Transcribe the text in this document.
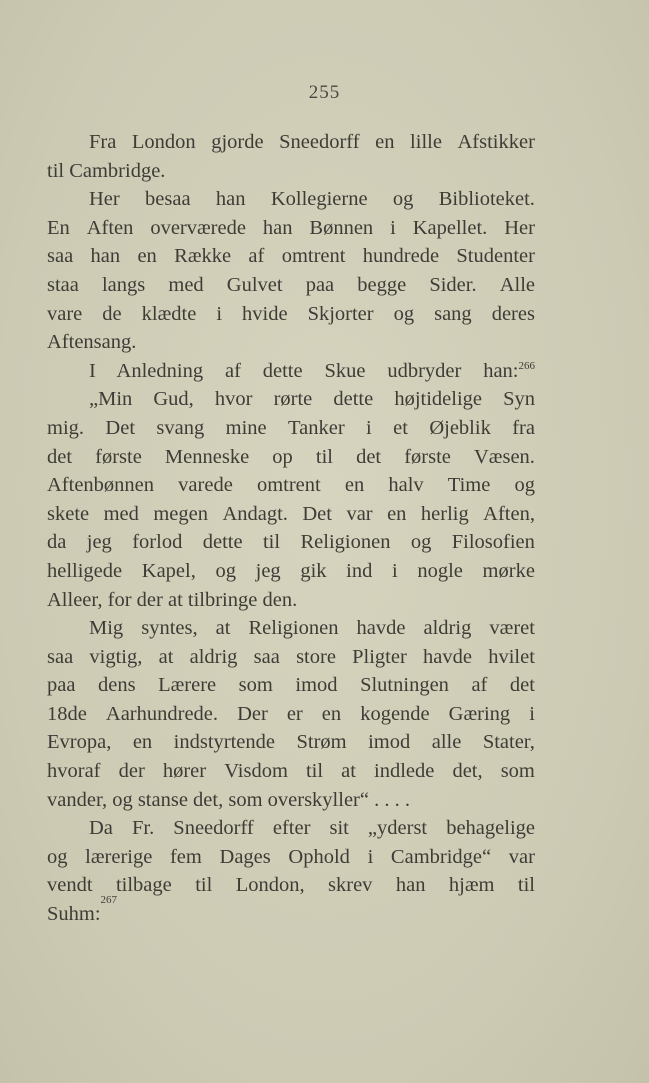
255
Fra London gjorde Sneedorff en lille Afstikker
til Cambridge.
Her besaa han Kollegierne og Biblioteket.
En Aften overværede han Bønnen i Kapellet. Her
saa han en Række af omtrent hundrede Studenter
staa langs med Gulvet paa begge Sider. Alle
vare de klædte i hvide Skjorter og sang deres
Aftensang.
I Anledning af dette Skue udbryder han:$^{266}$
„Min Gud, hvor rørte dette højtidelige Syn
mig. Det svang mine Tanker i et Øjeblik fra
det første Menneske op til det første Væsen.
Aftenbønnen varede omtrent en halv Time og
skete med megen Andagt. Det var en herlig Aften,
da jeg forlod dette til Religionen og Filosofien
helligede Kapel, og jeg gik ind i nogle mørke
Alleer, for der at tilbringe den.
Mig syntes, at Religionen havde aldrig været
saa vigtig, at aldrig saa store Pligter havde hvilet
paa dens Lærere som imod Slutningen af det
18de Aarhundrede. Der er en kogende Gæring i
Evropa, en indstyrtende Strøm imod alle Stater,
hvoraf der hører Visdom til at indlede det, som
vander, og stanse det, som overskyller“ . . . .
Da Fr. Sneedorff efter sit „yderst behagelige
og lærerige fem Dages Ophold i Cambridge“ var
vendt tilbage til London, skrev han hjæm til
Suhm:
267
